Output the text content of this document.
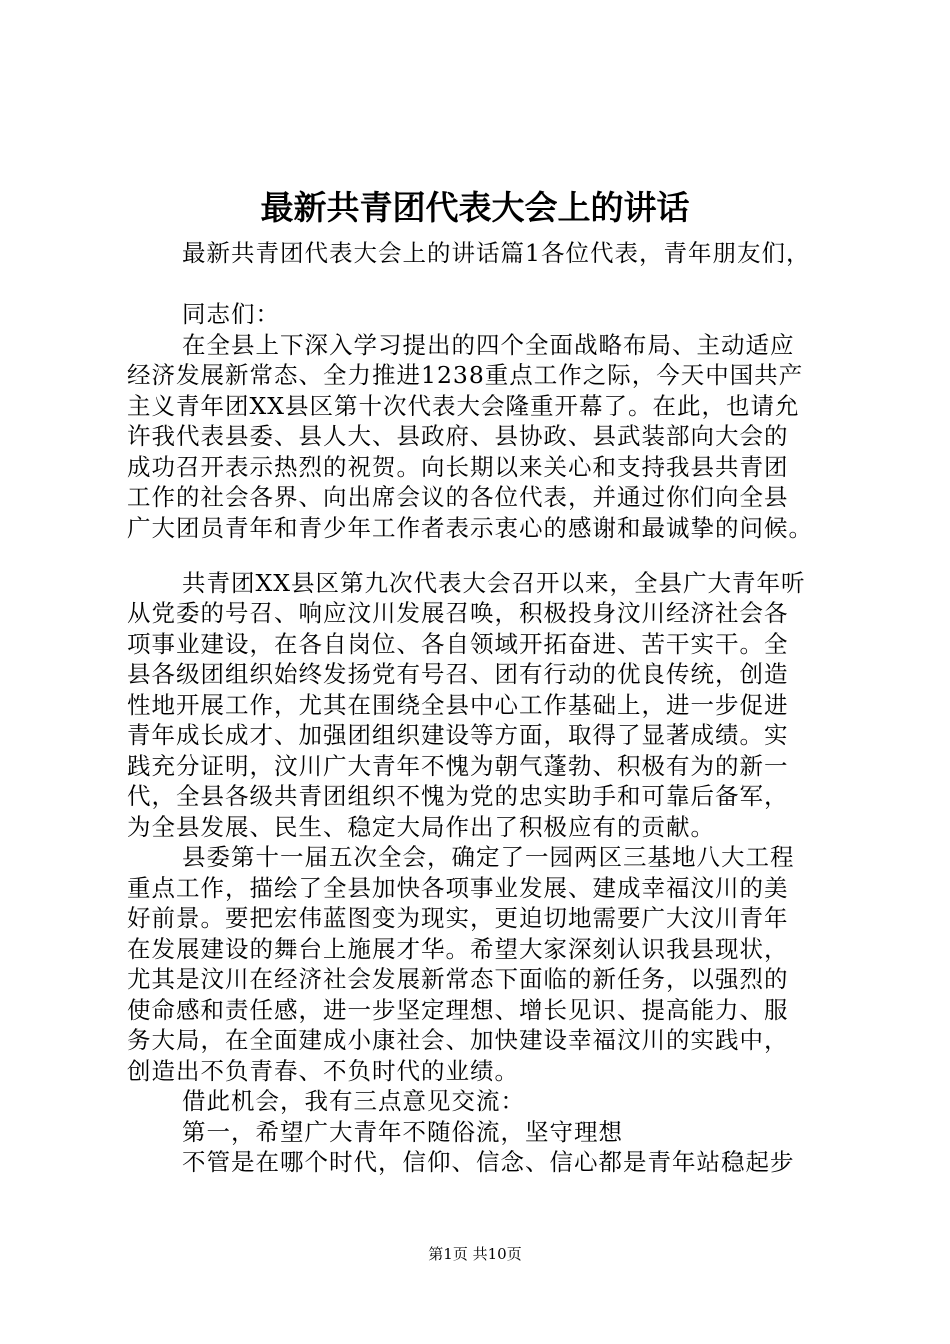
最新共青团代表大会上的讲话
最新共青团代表大会上的讲话篇1各位代表，青年朋友们，
同志们：
在全县上下深入学习提出的四个全面战略布局、主动适应
经济发展新常态、全力推进1238重点工作之际，今天中国共产
主义青年团XX县区第十次代表大会隆重开幕了。在此，也请允
许我代表县委、县人大、县政府、县协政、县武装部向大会的
成功召开表示热烈的祝贺。向长期以来关心和支持我县共青团
工作的社会各界、向出席会议的各位代表，并通过你们向全县
广大团员青年和青少年工作者表示衷心的感谢和最诚挚的问候。
共青团XX县区第九次代表大会召开以来，全县广大青年听
从党委的号召、响应汶川发展召唤，积极投身汶川经济社会各
项事业建设，在各自岗位、各自领域开拓奋进、苦干实干。全
县各级团组织始终发扬党有号召、团有行动的优良传统，创造
性地开展工作，尤其在围绕全县中心工作基础上，进一步促进
青年成长成才、加强团组织建设等方面，取得了显著成绩。实
践充分证明，汶川广大青年不愧为朝气蓬勃、积极有为的新一
代，全县各级共青团组织不愧为党的忠实助手和可靠后备军，
为全县发展、民生、稳定大局作出了积极应有的贡献。
县委第十一届五次全会，确定了一园两区三基地八大工程
重点工作，描绘了全县加快各项事业发展、建成幸福汶川的美
好前景。要把宏伟蓝图变为现实，更迫切地需要广大汶川青年
在发展建设的舞台上施展才华。希望大家深刻认识我县现状，
尤其是汶川在经济社会发展新常态下面临的新任务，以强烈的
使命感和责任感，进一步坚定理想、增长见识、提高能力、服
务大局，在全面建成小康社会、加快建设幸福汶川的实践中，
创造出不负青春、不负时代的业绩。
借此机会，我有三点意见交流：
第一，希望广大青年不随俗流，坚守理想
不管是在哪个时代，信仰、信念、信心都是青年站稳起步
第1页 共10页
